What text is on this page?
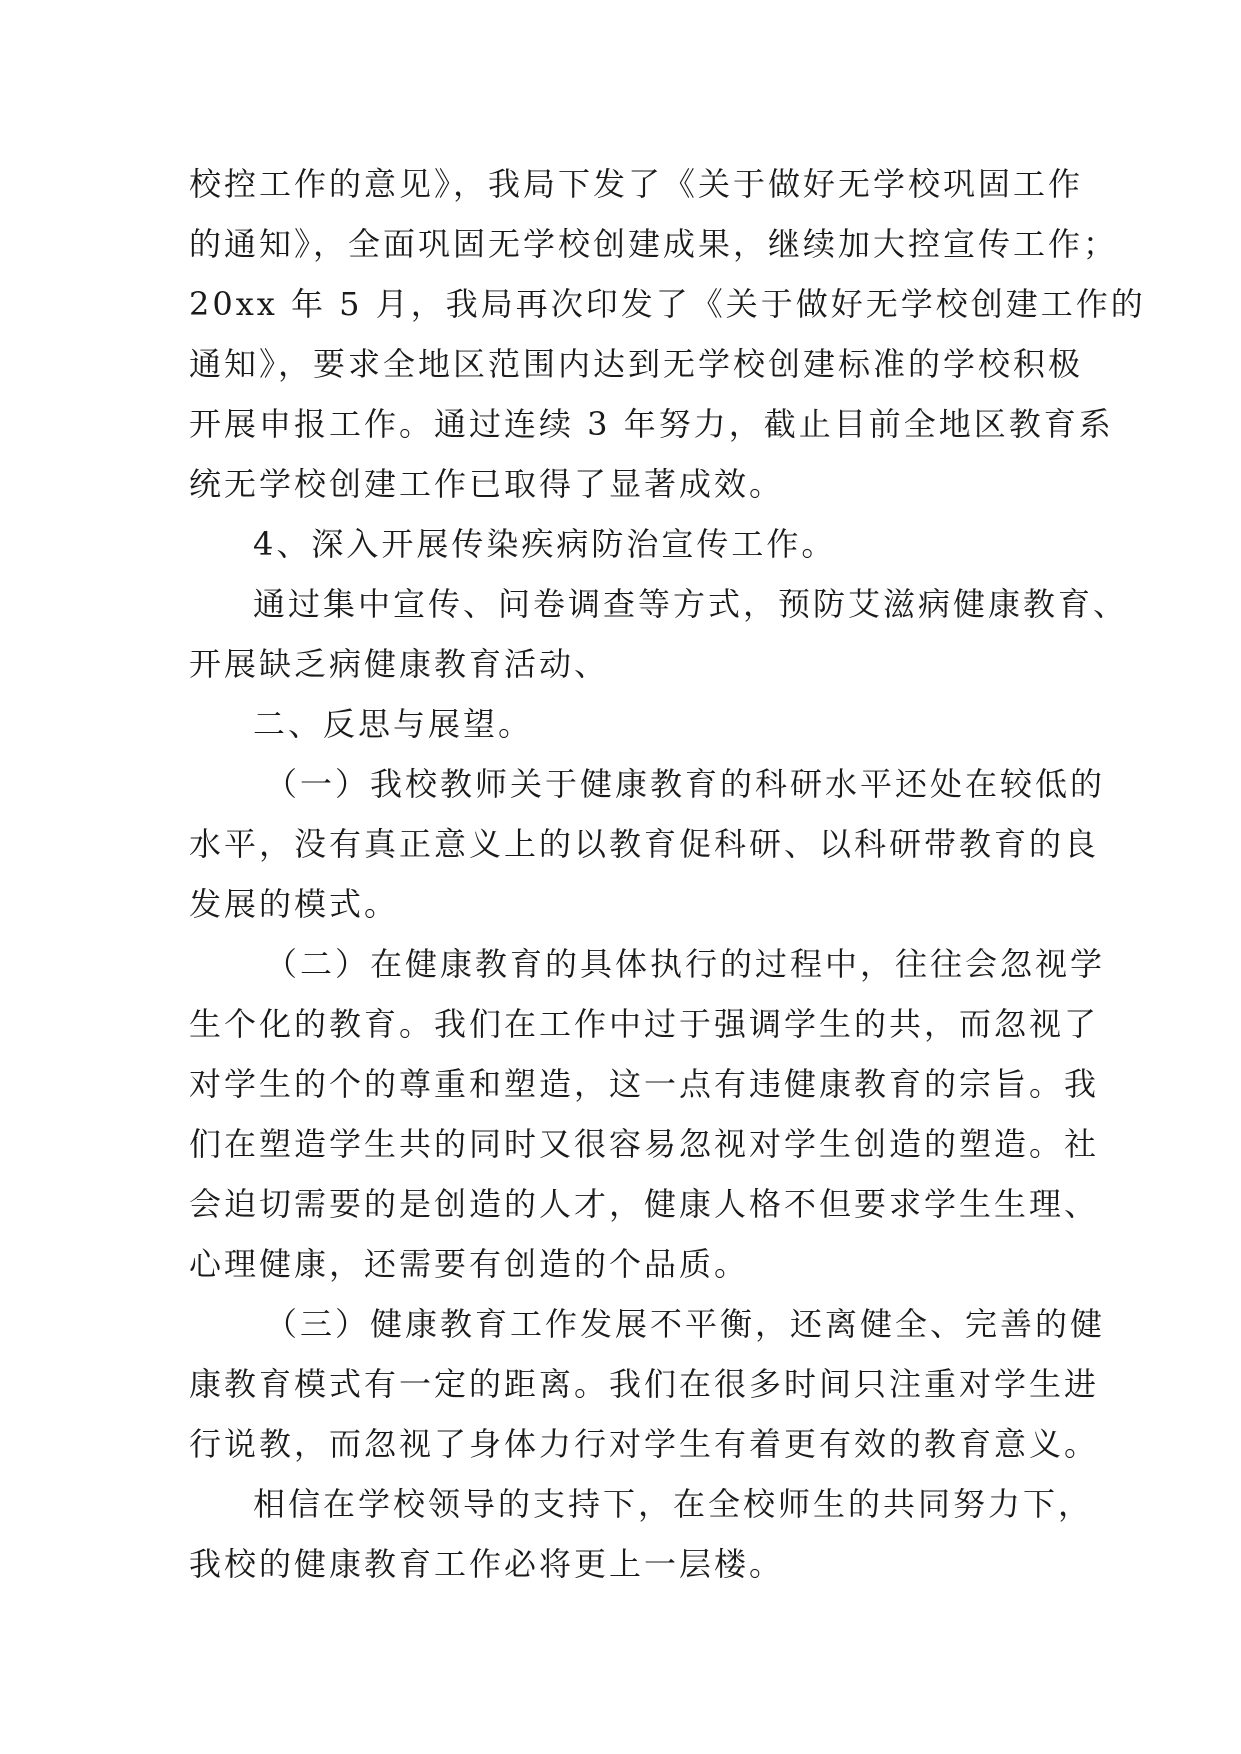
校控工作的意见》，我局下发了《关于做好无学校巩固工作
的通知》，全面巩固无学校创建成果，继续加大控宣传工作；
20xx 年 5 月，我局再次印发了《关于做好无学校创建工作的
通知》，要求全地区范围内达到无学校创建标准的学校积极
开展申报工作。通过连续 3 年努力，截止目前全地区教育系
统无学校创建工作已取得了显著成效。
4、深入开展传染疾病防治宣传工作。
通过集中宣传、问卷调查等方式，预防艾滋病健康教育、
开展缺乏病健康教育活动、
二、反思与展望。
（一）我校教师关于健康教育的科研水平还处在较低的
水平，没有真正意义上的以教育促科研、以科研带教育的良
发展的模式。
（二）在健康教育的具体执行的过程中，往往会忽视学
生个化的教育。我们在工作中过于强调学生的共，而忽视了
对学生的个的尊重和塑造，这一点有违健康教育的宗旨。我
们在塑造学生共的同时又很容易忽视对学生创造的塑造。社
会迫切需要的是创造的人才，健康人格不但要求学生生理、
心理健康，还需要有创造的个品质。
（三）健康教育工作发展不平衡，还离健全、完善的健
康教育模式有一定的距离。我们在很多时间只注重对学生进
行说教，而忽视了身体力行对学生有着更有效的教育意义。
相信在学校领导的支持下，在全校师生的共同努力下，
我校的健康教育工作必将更上一层楼。
